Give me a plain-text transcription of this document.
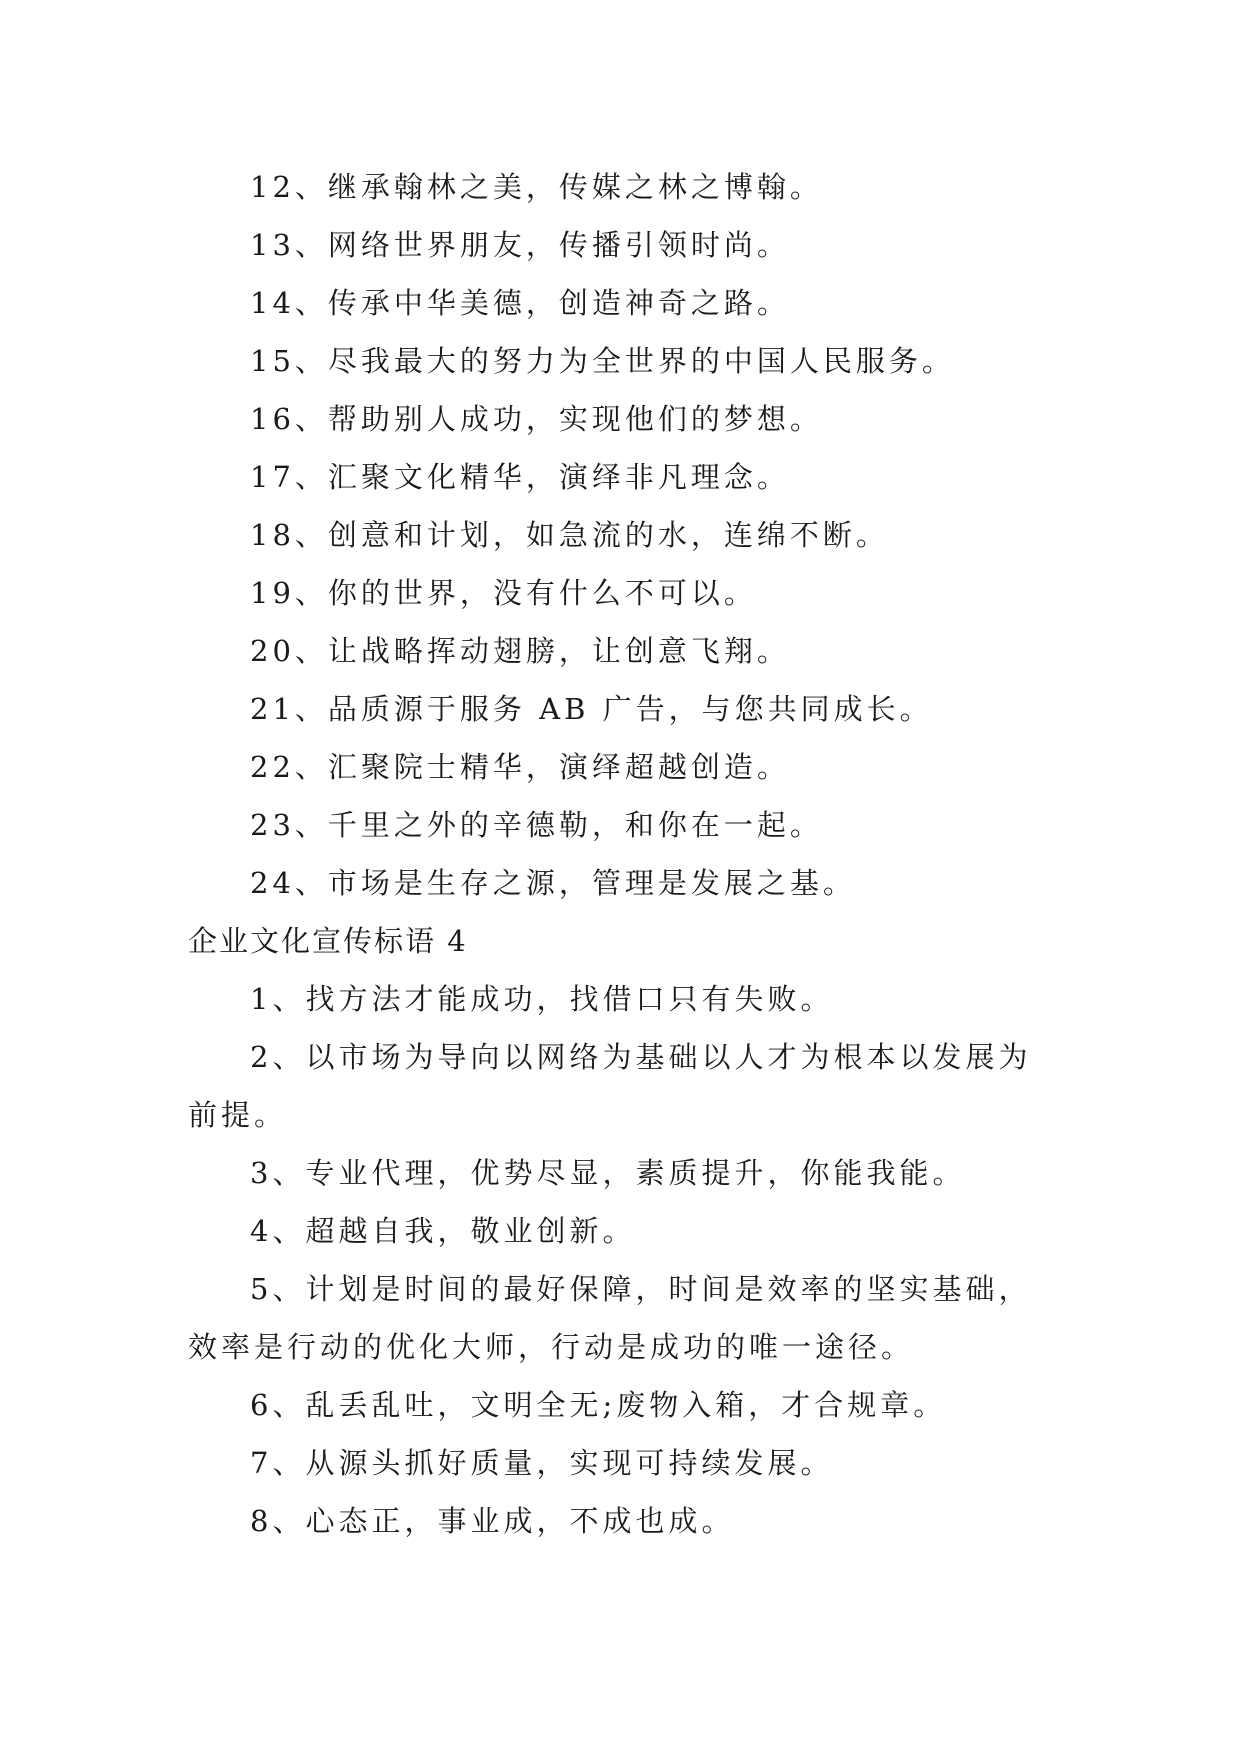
12、继承翰林之美，传媒之林之博翰。

13、网络世界朋友，传播引领时尚。

14、传承中华美德，创造神奇之路。

15、尽我最大的努力为全世界的中国人民服务。

16、帮助别人成功，实现他们的梦想。

17、汇聚文化精华，演绎非凡理念。

18、创意和计划，如急流的水，连绵不断。

19、你的世界，没有什么不可以。

20、让战略挥动翅膀，让创意飞翔。

21、品质源于服务 AB 广告，与您共同成长。

22、汇聚院士精华，演绎超越创造。

23、千里之外的辛德勒，和你在一起。

24、市场是生存之源，管理是发展之基。

企业文化宣传标语 4

1、找方法才能成功，找借口只有失败。

2、以市场为导向以网络为基础以人才为根本以发展为前提。

3、专业代理，优势尽显，素质提升，你能我能。

4、超越自我，敬业创新。

5、计划是时间的最好保障，时间是效率的坚实基础，效率是行动的优化大师，行动是成功的唯一途径。

6、乱丢乱吐，文明全无;废物入箱，才合规章。

7、从源头抓好质量，实现可持续发展。

8、心态正，事业成，不成也成。
